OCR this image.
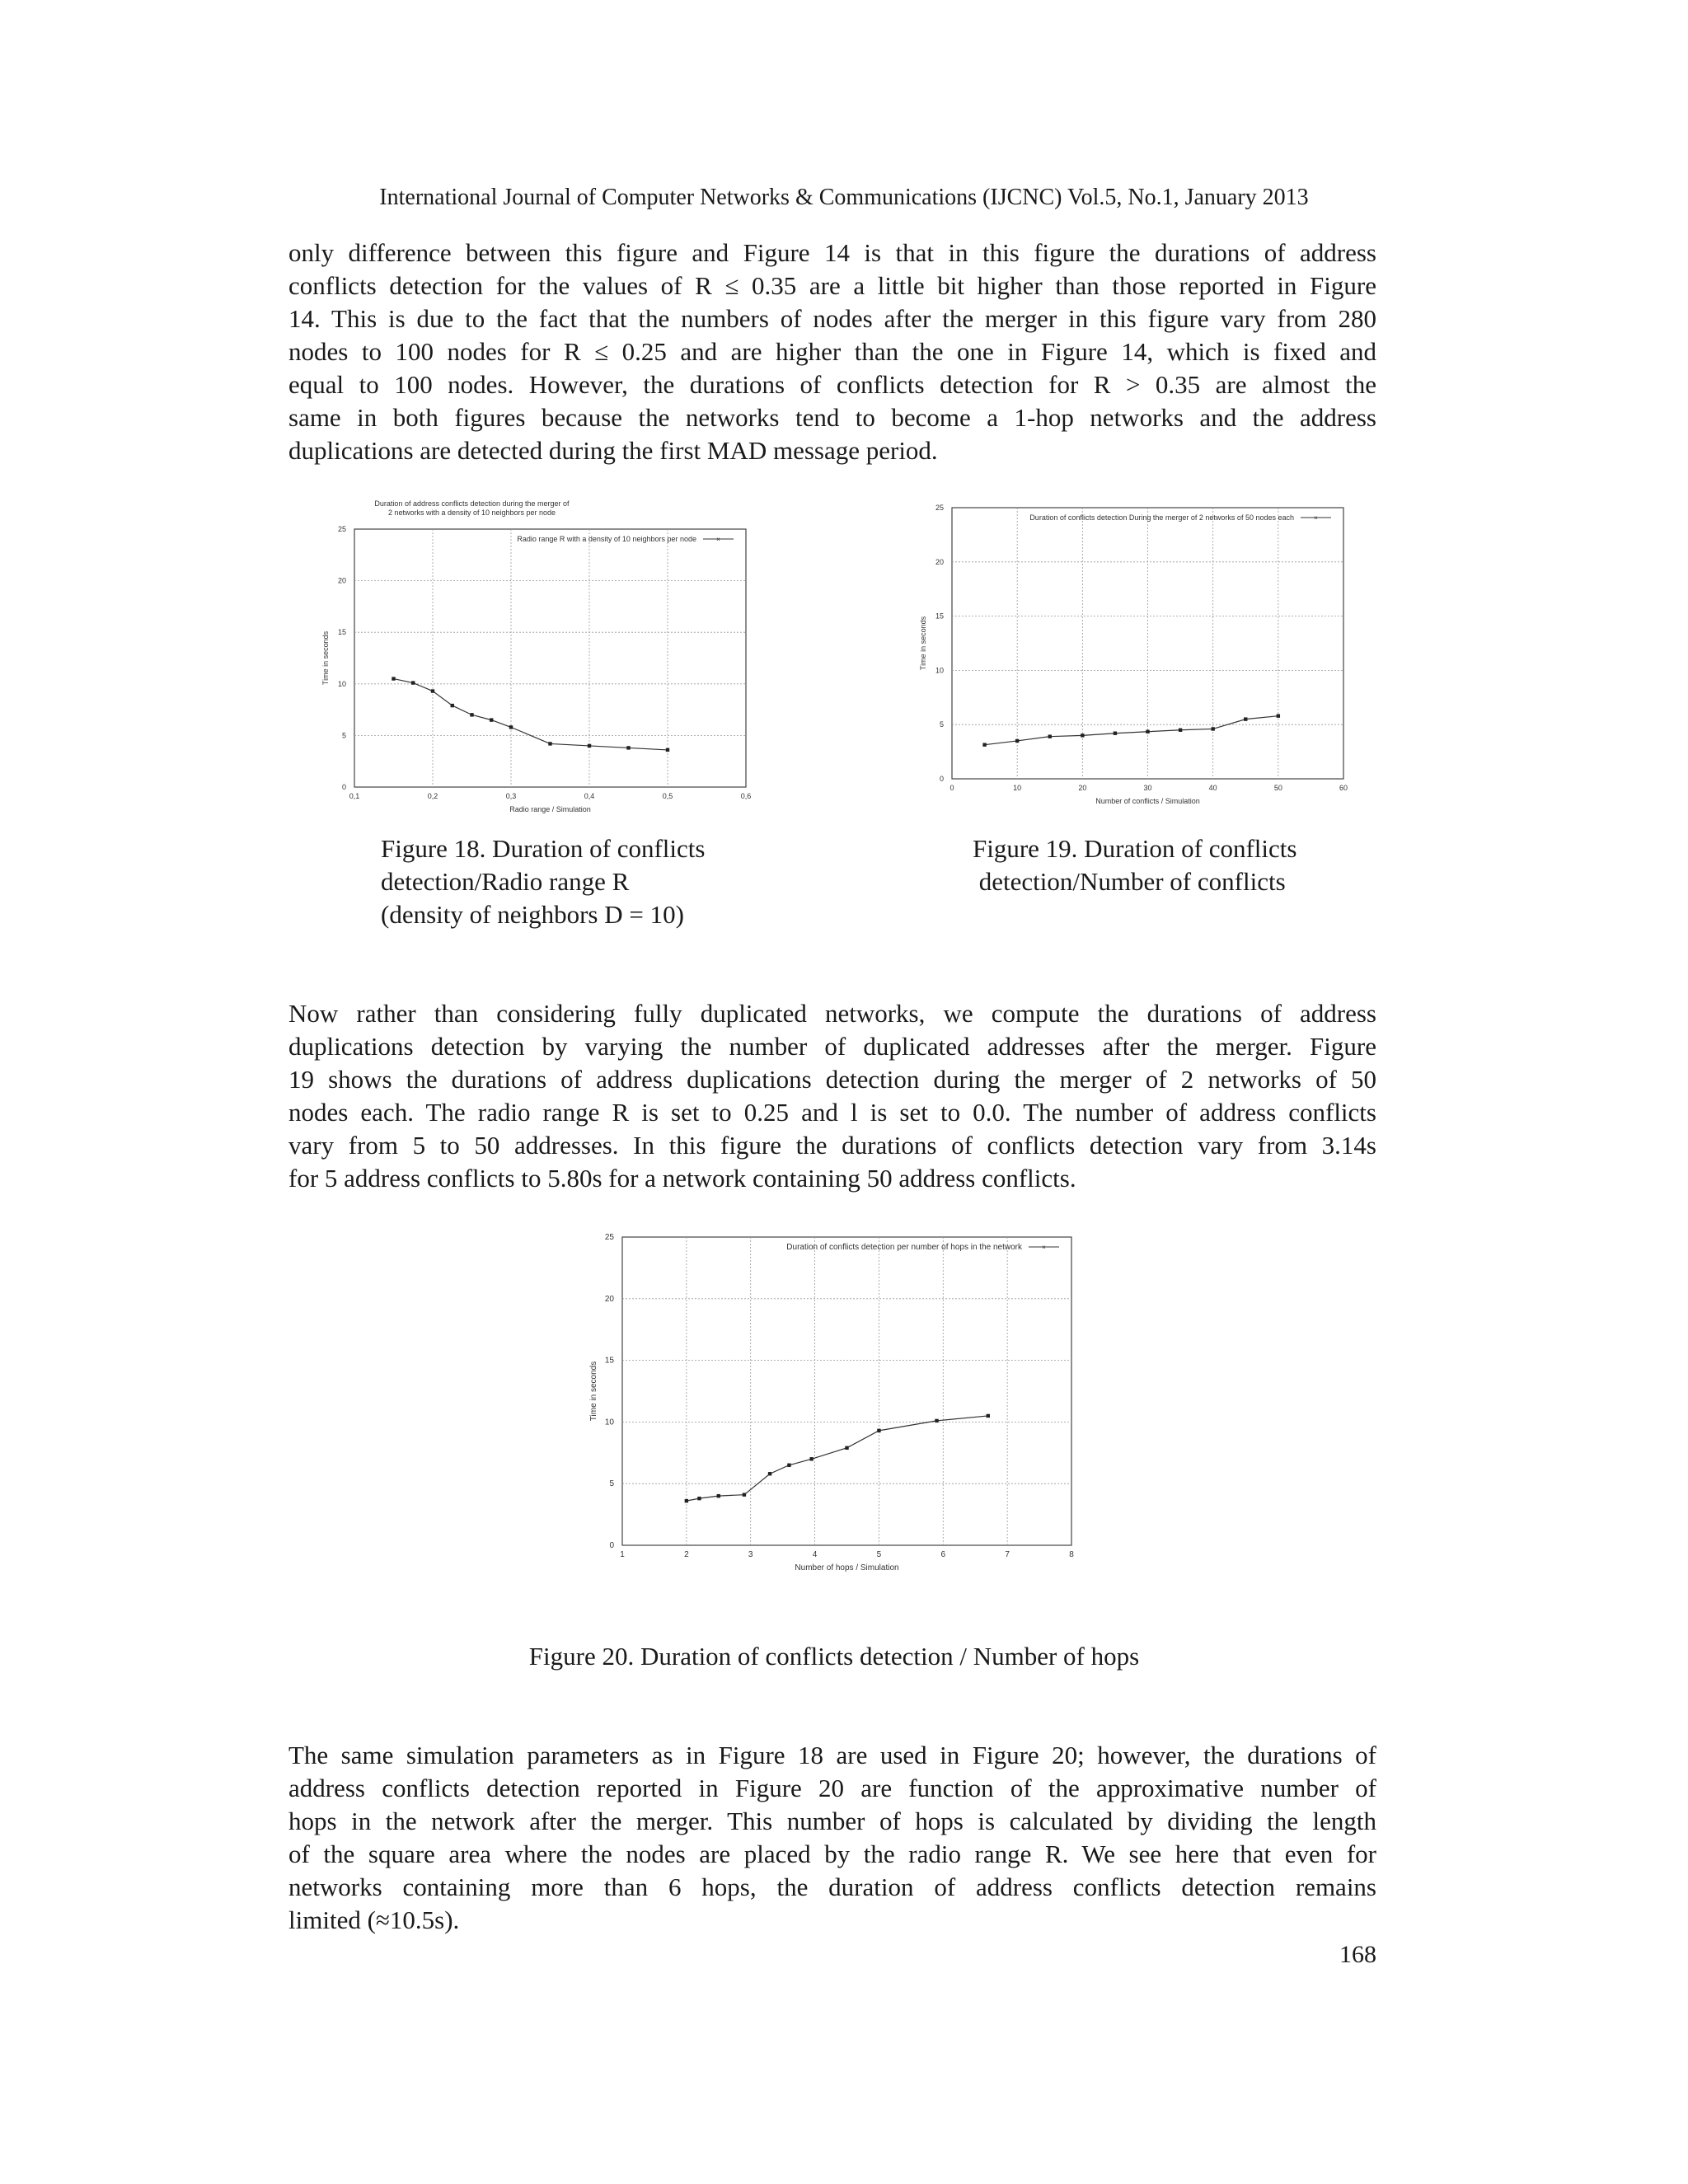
International Journal of Computer Networks & Communications (IJCNC) Vol.5, No.1, January 2013
only difference between this figure and Figure 14 is that in this figure the durations of address
conflicts detection for the values of R ≤ 0.35 are a little bit higher than those reported in Figure
14. This is due to the fact that the numbers of nodes after the merger in this figure vary from 280
nodes to 100 nodes for R ≤ 0.25 and are higher than the one in Figure 14, which is fixed and
equal to 100 nodes. However, the durations of conflicts detection for R > 0.35 are almost the
same in both figures because the networks tend to become a 1-hop networks and the address
duplications are detected during the first MAD message period.
0,1	0,2	0,3	0,4	0,5	0,6
0
5
10
15
20
25
Radio range / Simulation
Time in seconds
Duration of address conflicts detection during the merger of
2 networks with a density of 10 neighbors per node
Radio range R with a density of 10 neighbors per node	×
0	10	20	30	40	50	60
0
5
10
15
20
25
Number of conflicts / Simulation
Time in seconds
Duration of conflicts detection During the merger of 2 networks of 50 nodes each	×
Figure 18. Duration of conflicts
detection/Radio range R
(density of neighbors D = 10)
Figure 19. Duration of conflicts
detection/Number of conflicts
Now rather than considering fully duplicated networks, we compute the durations of address
duplications detection by varying the number of duplicated addresses after the merger. Figure
19 shows the durations of address duplications detection during the merger of 2 networks of 50
nodes each. The radio range R is set to 0.25 and l is set to 0.0. The number of address conflicts
vary from 5 to 50 addresses. In this figure the durations of conflicts detection vary from 3.14s
for 5 address conflicts to 5.80s for a network containing 50 address conflicts.
1	2	3	4	5	6	7	8
0
5
10
15
20
25
Number of hops / Simulation
Time in seconds
Duration of conflicts detection per number of hops in the network	×
Figure 20. Duration of conflicts detection / Number of hops
The same simulation parameters as in Figure 18 are used in Figure 20; however, the durations of
address conflicts detection reported in Figure 20 are function of the approximative number of
hops in the network after the merger. This number of hops is calculated by dividing the length
of the square area where the nodes are placed by the radio range R. We see here that even for
networks containing more than 6 hops, the duration of address conflicts detection remains
limited (≈10.5s).
168
